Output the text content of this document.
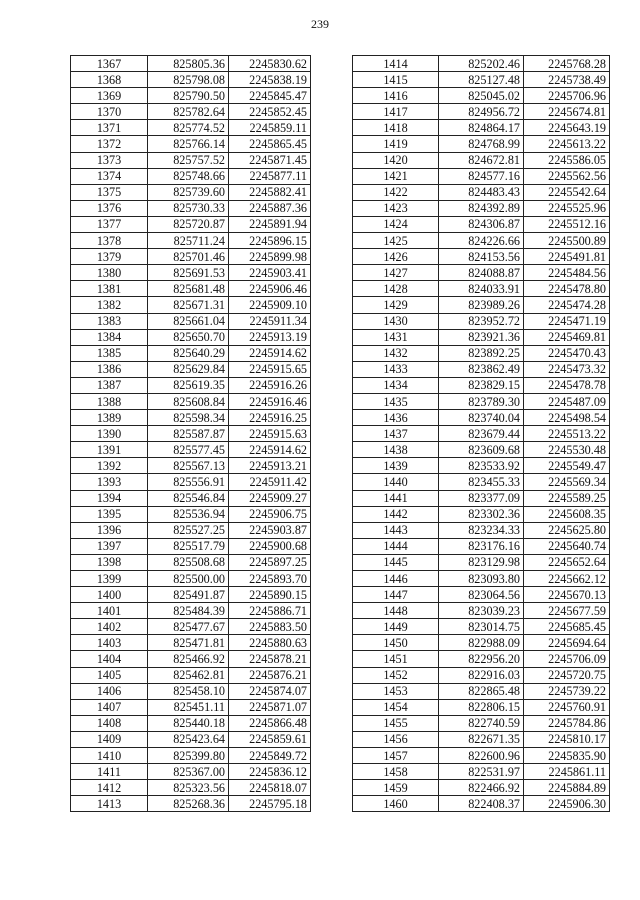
239
1367	825805.36	2245830.62
1368	825798.08	2245838.19
1369	825790.50	2245845.47
1370	825782.64	2245852.45
1371	825774.52	2245859.11
1372	825766.14	2245865.45
1373	825757.52	2245871.45
1374	825748.66	2245877.11
1375	825739.60	2245882.41
1376	825730.33	2245887.36
1377	825720.87	2245891.94
1378	825711.24	2245896.15
1379	825701.46	2245899.98
1380	825691.53	2245903.41
1381	825681.48	2245906.46
1382	825671.31	2245909.10
1383	825661.04	2245911.34
1384	825650.70	2245913.19
1385	825640.29	2245914.62
1386	825629.84	2245915.65
1387	825619.35	2245916.26
1388	825608.84	2245916.46
1389	825598.34	2245916.25
1390	825587.87	2245915.63
1391	825577.45	2245914.62
1392	825567.13	2245913.21
1393	825556.91	2245911.42
1394	825546.84	2245909.27
1395	825536.94	2245906.75
1396	825527.25	2245903.87
1397	825517.79	2245900.68
1398	825508.68	2245897.25
1399	825500.00	2245893.70
1400	825491.87	2245890.15
1401	825484.39	2245886.71
1402	825477.67	2245883.50
1403	825471.81	2245880.63
1404	825466.92	2245878.21
1405	825462.81	2245876.21
1406	825458.10	2245874.07
1407	825451.11	2245871.07
1408	825440.18	2245866.48
1409	825423.64	2245859.61
1410	825399.80	2245849.72
1411	825367.00	2245836.12
1412	825323.56	2245818.07
1413	825268.36	2245795.18
1414	825202.46	2245768.28
1415	825127.48	2245738.49
1416	825045.02	2245706.96
1417	824956.72	2245674.81
1418	824864.17	2245643.19
1419	824768.99	2245613.22
1420	824672.81	2245586.05
1421	824577.16	2245562.56
1422	824483.43	2245542.64
1423	824392.89	2245525.96
1424	824306.87	2245512.16
1425	824226.66	2245500.89
1426	824153.56	2245491.81
1427	824088.87	2245484.56
1428	824033.91	2245478.80
1429	823989.26	2245474.28
1430	823952.72	2245471.19
1431	823921.36	2245469.81
1432	823892.25	2245470.43
1433	823862.49	2245473.32
1434	823829.15	2245478.78
1435	823789.30	2245487.09
1436	823740.04	2245498.54
1437	823679.44	2245513.22
1438	823609.68	2245530.48
1439	823533.92	2245549.47
1440	823455.33	2245569.34
1441	823377.09	2245589.25
1442	823302.36	2245608.35
1443	823234.33	2245625.80
1444	823176.16	2245640.74
1445	823129.98	2245652.64
1446	823093.80	2245662.12
1447	823064.56	2245670.13
1448	823039.23	2245677.59
1449	823014.75	2245685.45
1450	822988.09	2245694.64
1451	822956.20	2245706.09
1452	822916.03	2245720.75
1453	822865.48	2245739.22
1454	822806.15	2245760.91
1455	822740.59	2245784.86
1456	822671.35	2245810.17
1457	822600.96	2245835.90
1458	822531.97	2245861.11
1459	822466.92	2245884.89
1460	822408.37	2245906.30
